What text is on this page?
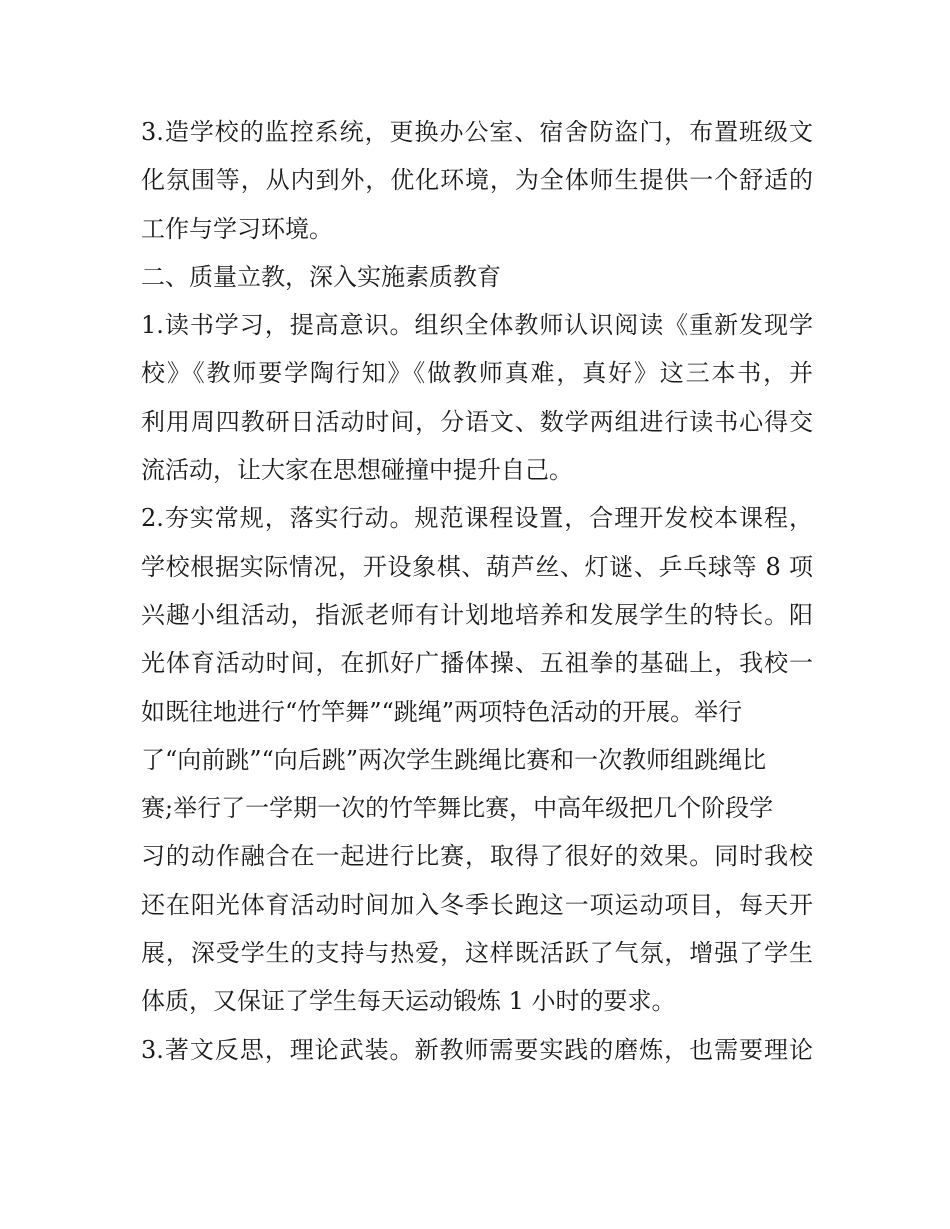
3.造学校的监控系统，更换办公室、宿舍防盗门，布置班级文
化氛围等，从内到外，优化环境，为全体师生提供一个舒适的
工作与学习环境。
二、质量立教，深入实施素质教育
1.读书学习，提高意识。组织全体教师认识阅读《重新发现学
校》《教师要学陶行知》《做教师真难，真好》这三本书，并
利用周四教研日活动时间，分语文、数学两组进行读书心得交
流活动，让大家在思想碰撞中提升自己。
2.夯实常规，落实行动。规范课程设置，合理开发校本课程，
学校根据实际情况，开设象棋、葫芦丝、灯谜、乒乓球等 8 项
兴趣小组活动，指派老师有计划地培养和发展学生的特长。阳
光体育活动时间，在抓好广播体操、五祖拳的基础上，我校一
如既往地进行“竹竿舞”“跳绳”两项特色活动的开展。举行
了“向前跳”“向后跳”两次学生跳绳比赛和一次教师组跳绳比
赛;举行了一学期一次的竹竿舞比赛，中高年级把几个阶段学
习的动作融合在一起进行比赛，取得了很好的效果。同时我校
还在阳光体育活动时间加入冬季长跑这一项运动项目，每天开
展，深受学生的支持与热爱，这样既活跃了气氛，增强了学生
体质，又保证了学生每天运动锻炼 1 小时的要求。
3.著文反思，理论武装。新教师需要实践的磨炼，也需要理论
